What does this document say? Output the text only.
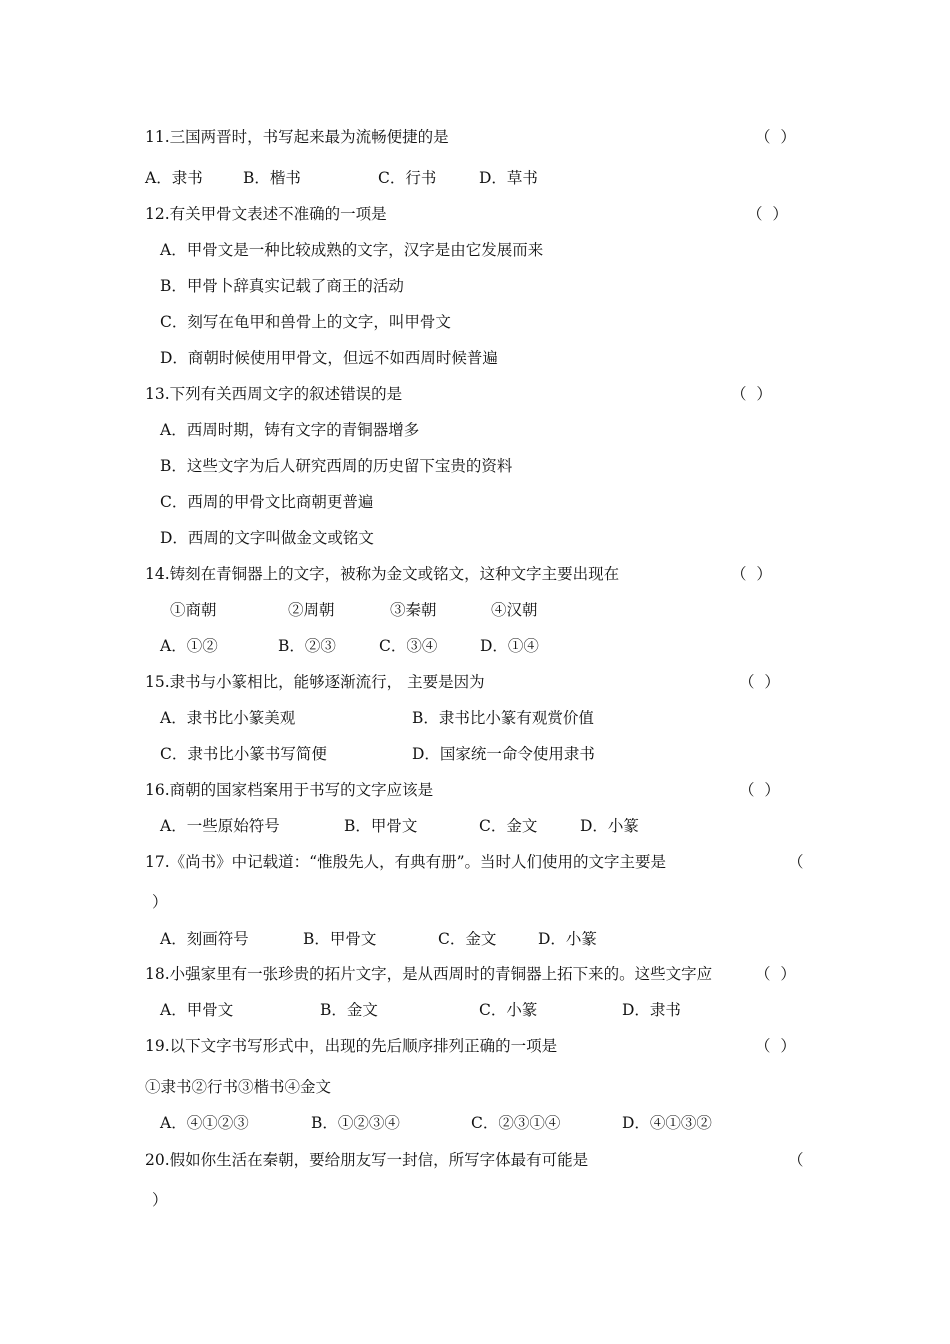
11.三国两晋时，书写起来最为流畅便捷的是	（  ）
A．隶书	B．楷书	C．行书	D．草书
12.有关甲骨文表述不准确的一项是	（  ）
A．甲骨文是一种比较成熟的文字，汉字是由它发展而来
B．甲骨卜辞真实记载了商王的活动
C．刻写在龟甲和兽骨上的文字，叫甲骨文
D．商朝时候使用甲骨文，但远不如西周时候普遍
13.下列有关西周文字的叙述错误的是	（  ）
A．西周时期，铸有文字的青铜器增多
B．这些文字为后人研究西周的历史留下宝贵的资料
C．西周的甲骨文比商朝更普遍
D．西周的文字叫做金文或铭文
14.铸刻在青铜器上的文字，被称为金文或铭文，这种文字主要出现在	（  ）
①商朝	②周朝	③秦朝	④汉朝
A．①②	B．②③	C．③④	D．①④
15.隶书与小篆相比，能够逐渐流行， 主要是因为	（  ）
A．隶书比小篆美观	B．隶书比小篆有观赏价值
C．隶书比小篆书写简便	D．国家统一命令使用隶书
16.商朝的国家档案用于书写的文字应该是	（  ）
A．一些原始符号	B．甲骨文	C．金文	D．小篆
17.《尚书》中记载道：“惟殷先人，有典有册”。当时人们使用的文字主要是	（
）
A．刻画符号	B．甲骨文	C．金文	D．小篆
18.小强家里有一张珍贵的拓片文字，是从西周时的青铜器上拓下来的。这些文字应	（  ）
A．甲骨文	B．金文	C．小篆	D．隶书
19.以下文字书写形式中，出现的先后顺序排列正确的一项是	（  ）
①隶书②行书③楷书④金文
A．④①②③	B．①②③④	C．②③①④	D．④①③②
20.假如你生活在秦朝，要给朋友写一封信，所写字体最有可能是	（
）
